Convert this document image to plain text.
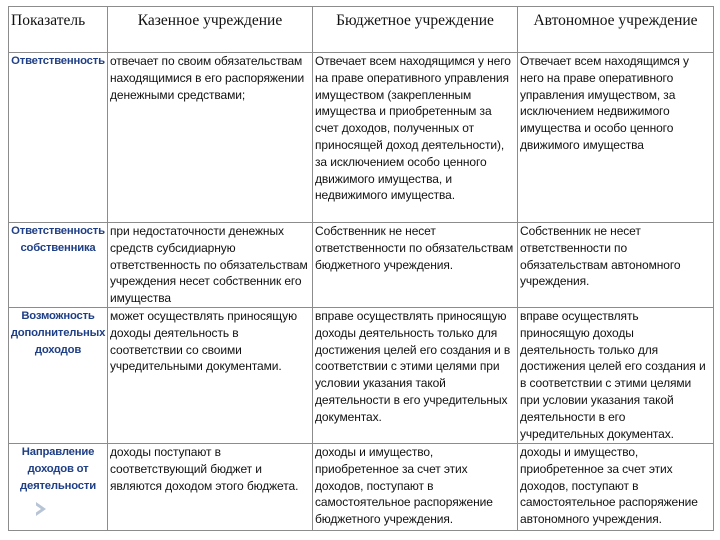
Показатель	Казенное учреждение	Бюджетное учреждение	Автономное учреждение
Ответственность	отвечает по своим обязательствам находящимися в его распоряжении денежными средствами;	Отвечает всем находящимся у него на праве оперативного управления имуществом (закрепленным имущества и приобретенным за счет доходов, полученных от приносящей доход деятельности), за исключением особо ценного движимого имущества, и недвижимого имущества.	Отвечает всем находящимся у него на праве оперативного управления имуществом, за исключением недвижимого имущества и особо ценного движимого имущества
Ответственность собственника	при недостаточности денежных средств субсидиарную ответственность по обязательствам учреждения несет собственник его имущества	Собственник не несет ответственности по обязательствам бюджетного учреждения.	Собственник не несет ответственности по обязательствам автономного учреждения.
Возможность дополнительных доходов	может осуществлять приносящую доходы деятельность в соответствии со своими учредительными документами.	вправе осуществлять приносящую доходы деятельность только для достижения целей его создания и в соответствии с этими целями при условии указания такой деятельности в его учредительных документах.	вправе осуществлять приносящую доходы деятельность только для достижения целей его создания и в соответствии с этими целями при условии указания такой деятельности в его учредительных документах.
Направление доходов от деятельности	доходы поступают в соответствующий бюджет и являются доходом этого бюджета.	доходы и имущество, приобретенное за счет этих доходов, поступают в самостоятельное распоряжение бюджетного учреждения.	доходы и имущество, приобретенное за счет этих доходов, поступают в самостоятельное распоряжение автономного учреждения.
